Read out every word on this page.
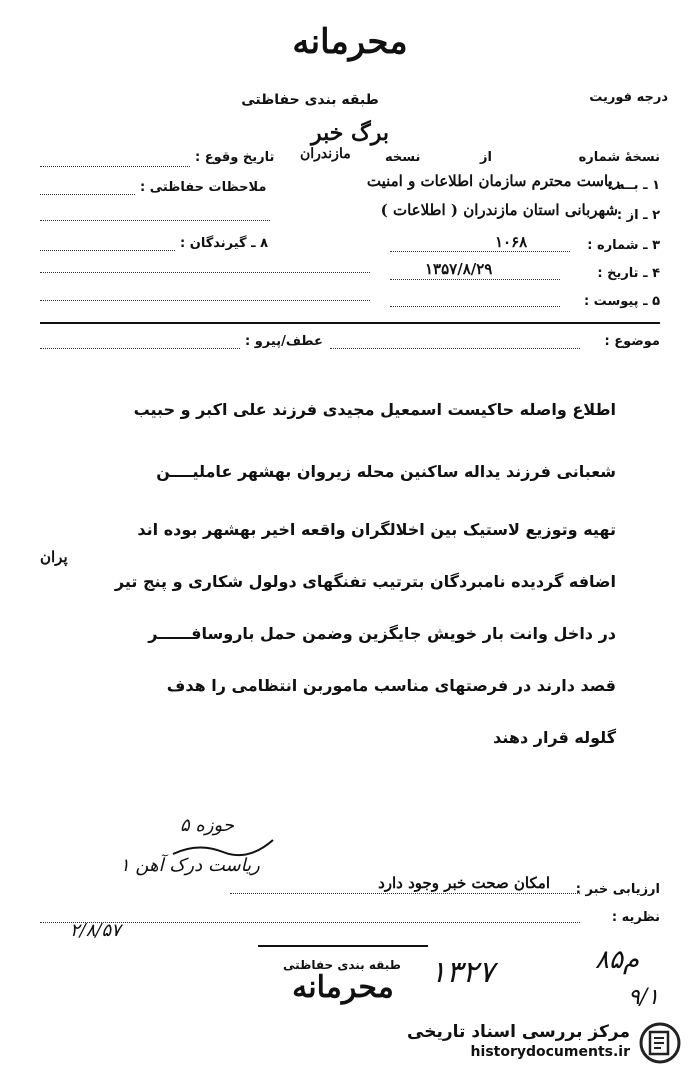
محرمانه
طبقه بندی حفاظتی	درجه فوریت
برگ خبر
نسخهٔ شماره
از
نسخه
مازندران
تاریخ وقوع :
۱ ـ بــه :
ریاست محترم سازمان اطلاعات و امنیت
ملاحظات حفاظتی :
۲ ـ از :
شهربانی استان مازندران ( اطلاعات )
۳ ـ شماره :
۱۰۶۸
۸ ـ گیرندگان :
۴ ـ تاریخ :
۱۳۵۷/۸/۲۹
۵ ـ پیوست :
موضوع :
عطف/پیرو :
اطلاع واصله حاکیست اسمعیل مجیدی فرزند علی اکبر و حبیب
شعبانی فرزند یداله ساکنین محله زیروان بهشهر عاملیــــن
تهیه وتوزیع لاستیک بین اخلالگران واقعه اخیر بهشهر بوده اند
پران
اضافه گردیده نامبردگان بترتیب تفنگهای دولول شکاری و پنج تیر
در داخل وانت بار خویش جایگزین وضمن حمل باروسافــــــر
قصد دارند در فرصتهای مناسب ماموربن انتظامی را هدف
گلوله قرار دهند
۵ حوزه
ریاست درک آهن ‏‏۱
‏‏۲/۸/۵۷
ارزیابی خبر :
امکان صحت خبر وجود دارد
نظریه :
طبقه بندی حفاظتی
محرمانه	۱۳۲۷	۸۵م
۹/۱
مرکز بررسی اسناد تاریخی
historydocuments.ir
